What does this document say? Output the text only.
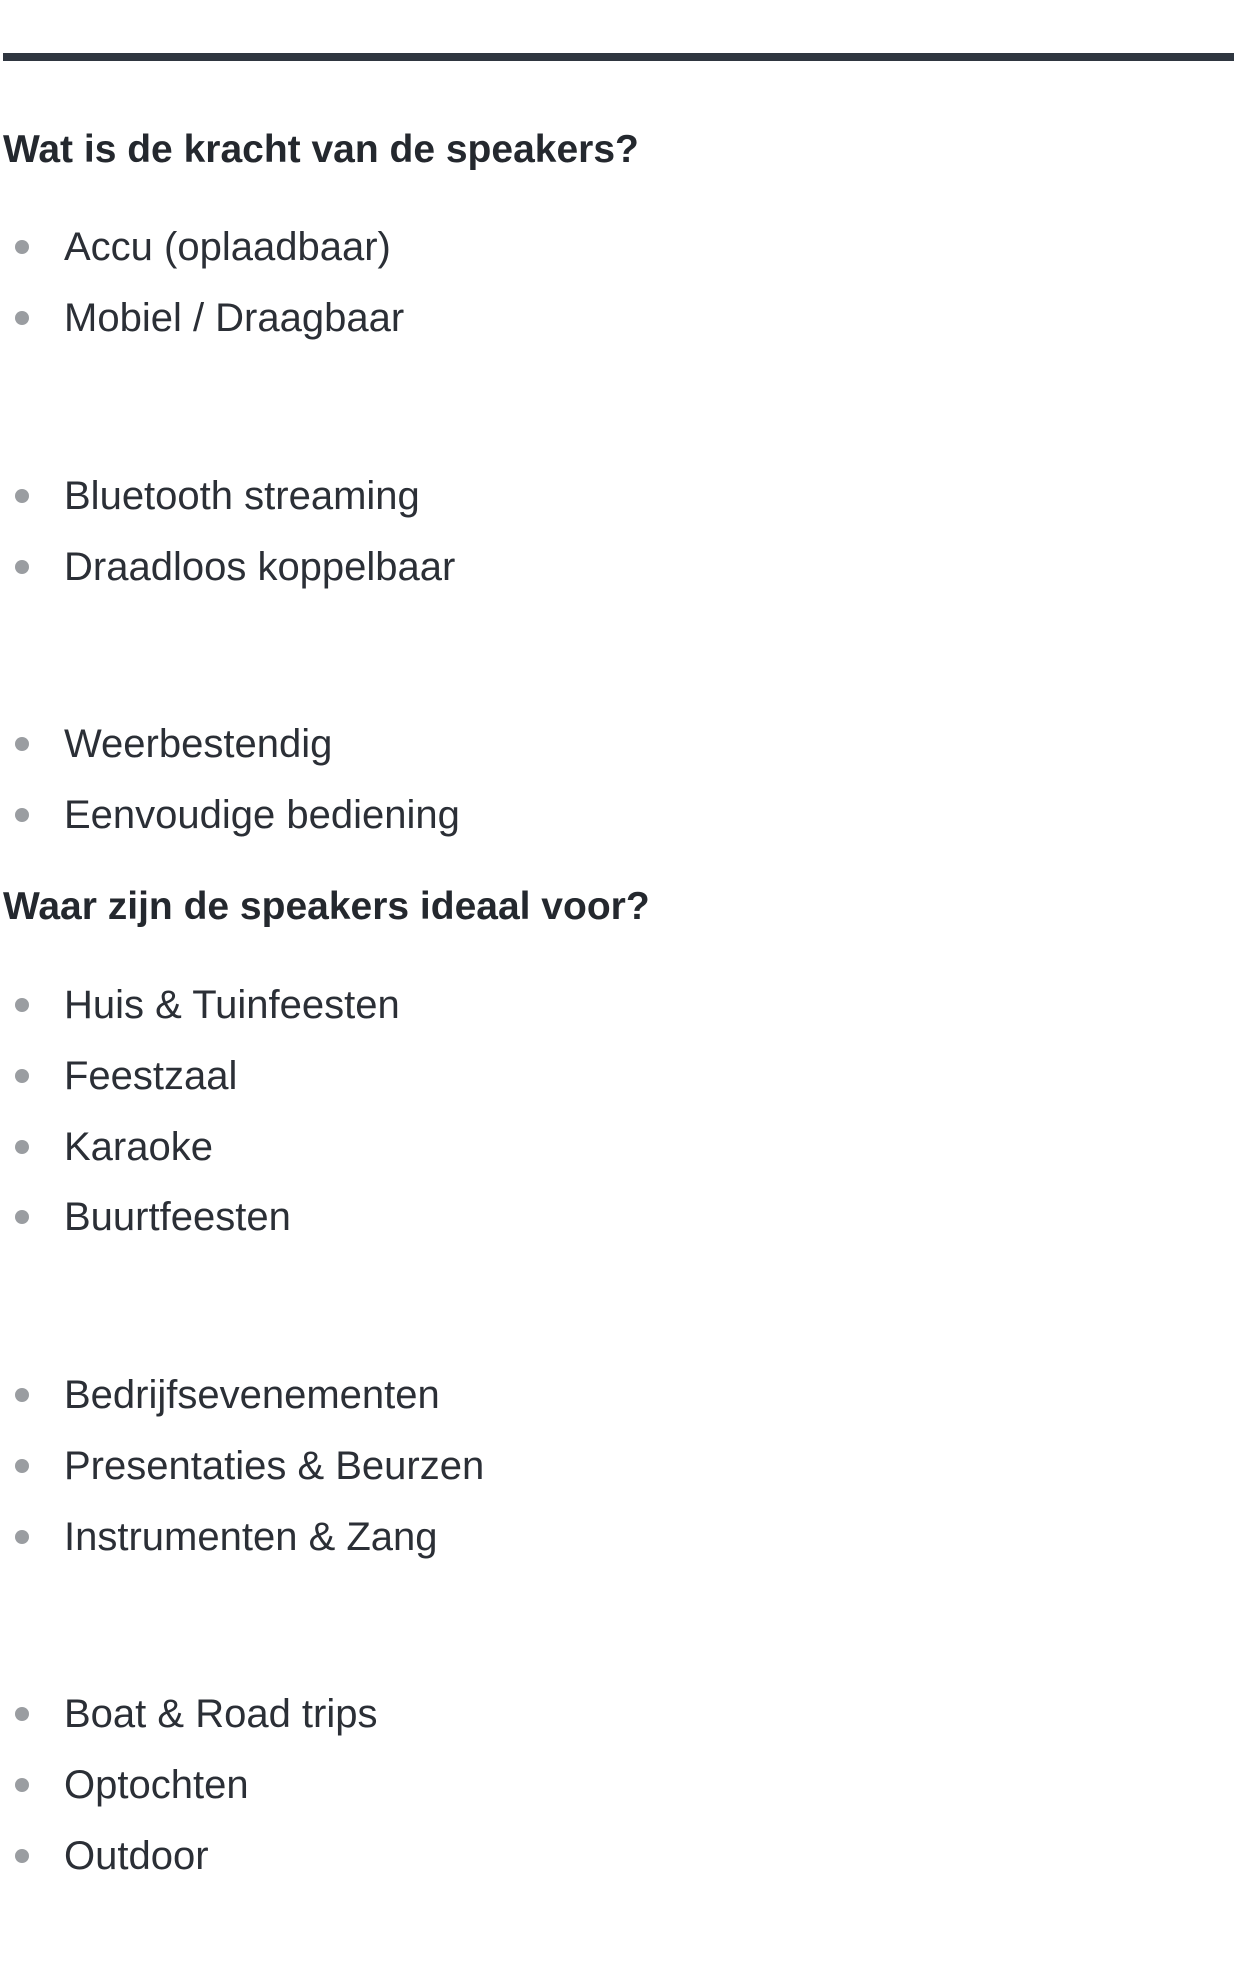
Wat is de kracht van de speakers?
Accu (oplaadbaar)
Mobiel / Draagbaar
Bluetooth streaming
Draadloos koppelbaar
Weerbestendig
Eenvoudige bediening
Waar zijn de speakers ideaal voor?
Huis & Tuinfeesten
Feestzaal
Karaoke
Buurtfeesten
Bedrijfsevenementen
Presentaties & Beurzen
Instrumenten & Zang
Boat & Road trips
Optochten
Outdoor
